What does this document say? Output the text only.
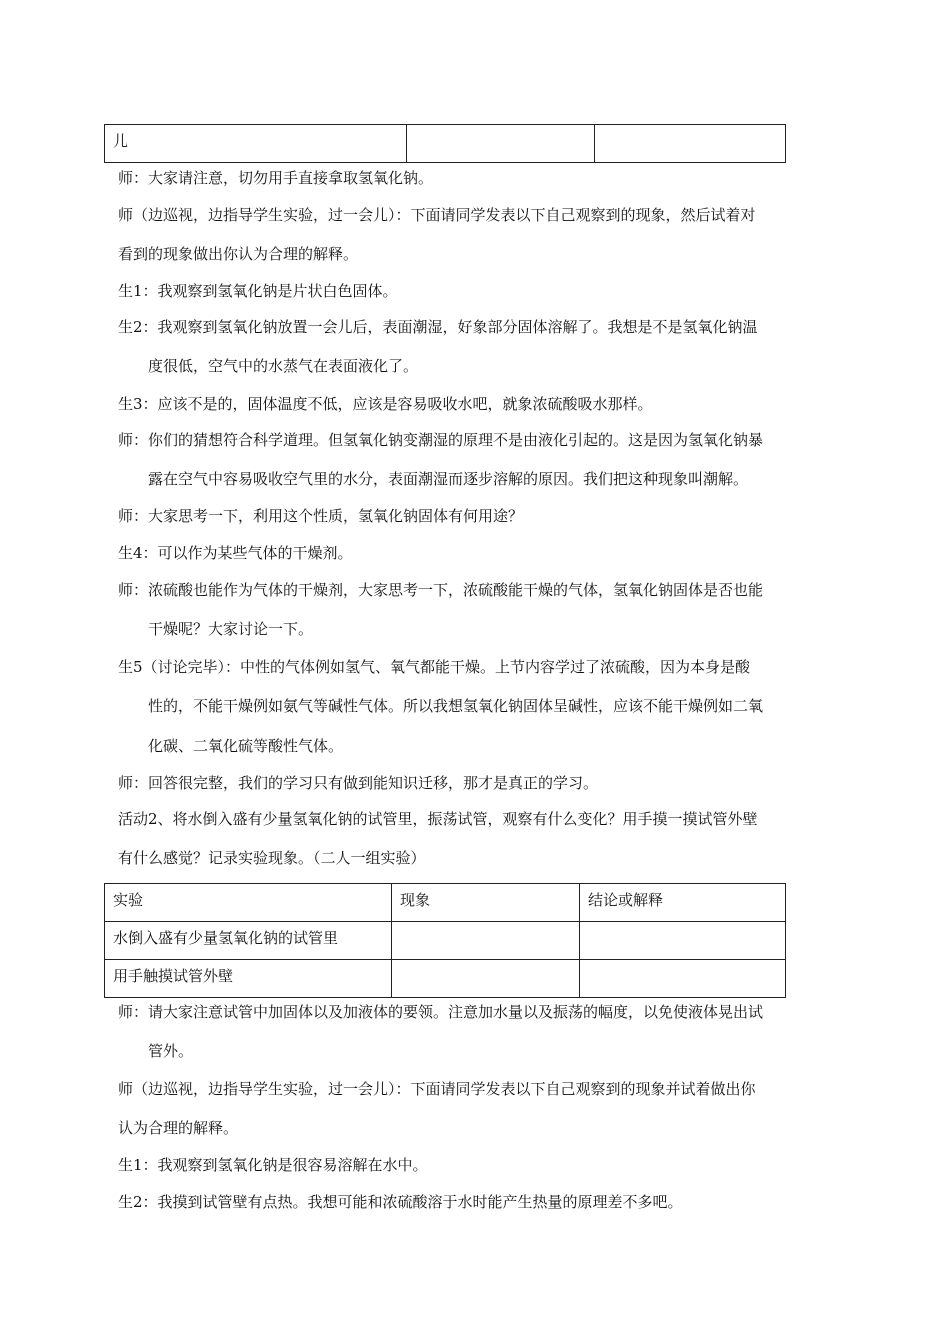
儿		

师：大家请注意，切勿用手直接拿取氢氧化钠。

师（边巡视，边指导学生实验，过一会儿）：下面请同学发表以下自己观察到的现象，然后试着对

看到的现象做出你认为合理的解释。

生1：我观察到氢氧化钠是片状白色固体。

生2：我观察到氢氧化钠放置一会儿后，表面潮湿，好象部分固体溶解了。我想是不是氢氧化钠温

度很低，空气中的水蒸气在表面液化了。

生3：应该不是的，固体温度不低，应该是容易吸收水吧，就象浓硫酸吸水那样。

师：你们的猜想符合科学道理。但氢氧化钠变潮湿的原理不是由液化引起的。这是因为氢氧化钠暴

露在空气中容易吸收空气里的水分，表面潮湿而逐步溶解的原因。我们把这种现象叫潮解。

师：大家思考一下，利用这个性质，氢氧化钠固体有何用途？

生4：可以作为某些气体的干燥剂。

师：浓硫酸也能作为气体的干燥剂，大家思考一下，浓硫酸能干燥的气体，氢氧化钠固体是否也能

干燥呢？大家讨论一下。

生5（讨论完毕）：中性的气体例如氢气、氧气都能干燥。上节内容学过了浓硫酸，因为本身是酸

性的，不能干燥例如氨气等碱性气体。所以我想氢氧化钠固体呈碱性，应该不能干燥例如二氧

化碳、二氧化硫等酸性气体。

师：回答很完整，我们的学习只有做到能知识迁移，那才是真正的学习。

活动2、将水倒入盛有少量氢氧化钠的试管里，振荡试管，观察有什么变化？用手摸一摸试管外壁

有什么感觉？记录实验现象。（二人一组实验）

实验	现象	结论或解释
水倒入盛有少量氢氧化钠的试管里		
用手触摸试管外壁		

师：请大家注意试管中加固体以及加液体的要领。注意加水量以及振荡的幅度，以免使液体晃出试

管外。

师（边巡视，边指导学生实验，过一会儿）：下面请同学发表以下自己观察到的现象并试着做出你

认为合理的解释。

生1：我观察到氢氧化钠是很容易溶解在水中。

生2：我摸到试管壁有点热。我想可能和浓硫酸溶于水时能产生热量的原理差不多吧。
